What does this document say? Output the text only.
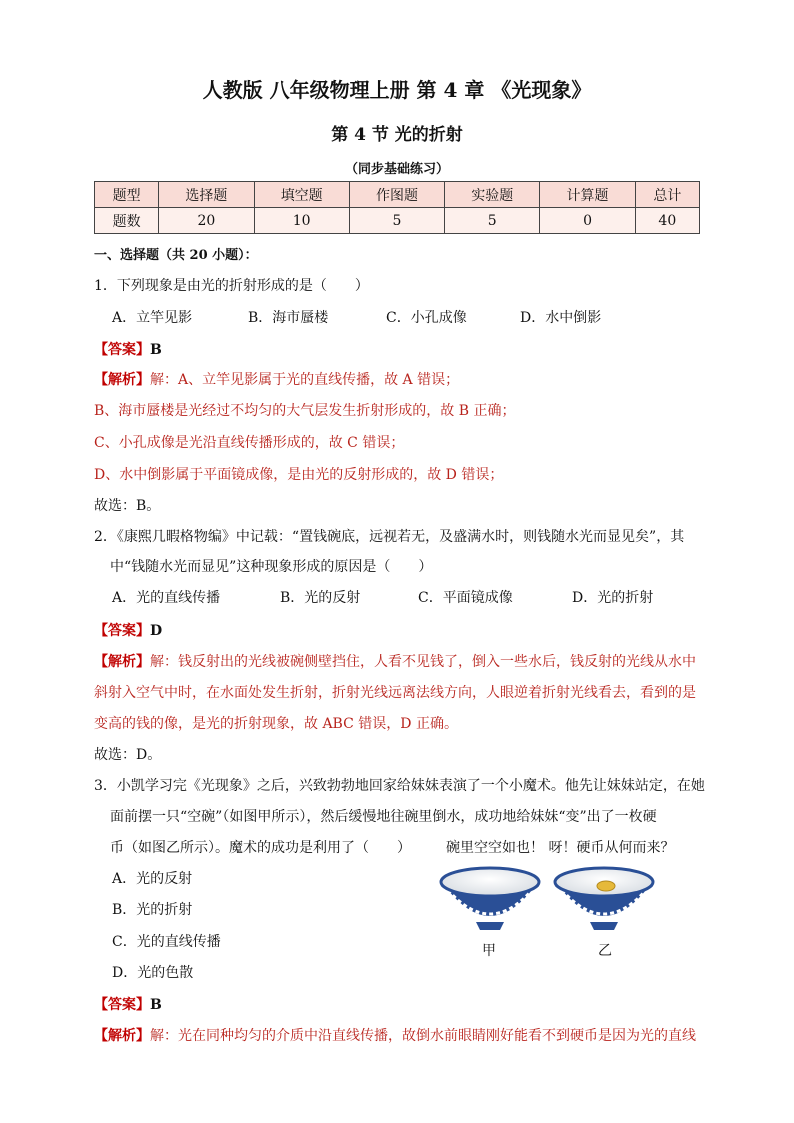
人教版 八年级物理上册 第 4 章 《光现象》
第 4 节 光的折射
（同步基础练习）
题型	选择题	填空题	作图题	实验题	计算题	总计
题数	20	10	5	5	0	40
一、选择题（共 20 小题）：
1．下列现象是由光的折射形成的是（　　）
A．立竿见影	B．海市蜃楼	C．小孔成像	D．水中倒影
【答案】B
【解析】解：A、立竿见影属于光的直线传播，故 A 错误；
B、海市蜃楼是光经过不均匀的大气层发生折射形成的，故 B 正确；
C、小孔成像是光沿直线传播形成的，故 C 错误；
D、水中倒影属于平面镜成像，是由光的反射形成的，故 D 错误；
故选：B。
2．《康熙几暇格物编》中记载：“置钱碗底，远视若无，及盛满水时，则钱随水光而显见矣”，其
中“钱随水光而显见”这种现象形成的原因是（　　）
A．光的直线传播	B．光的反射	C．平面镜成像	D．光的折射
【答案】D
【解析】解：钱反射出的光线被碗侧壁挡住，人看不见钱了，倒入一些水后，钱反射的光线从水中
斜射入空气中时，在水面处发生折射，折射光线远离法线方向，人眼逆着折射光线看去，看到的是
变高的钱的像，是光的折射现象，故 ABC 错误，D 正确。
故选：D。
3．小凯学习完《光现象》之后，兴致勃勃地回家给妹妹表演了一个小魔术。他先让妹妹站定，在她
面前摆一只“空碗”（如图甲所示），然后缓慢地往碗里倒水，成功地给妹妹“变”出了一枚硬
币（如图乙所示）。魔术的成功是利用了（　　）	碗里空空如也！ 呀！硬币从何而来？
A．光的反射
B．光的折射
C．光的直线传播
D．光的色散
甲	乙
【答案】B
【解析】解：光在同种均匀的介质中沿直线传播，故倒水前眼睛刚好能看不到硬币是因为光的直线
